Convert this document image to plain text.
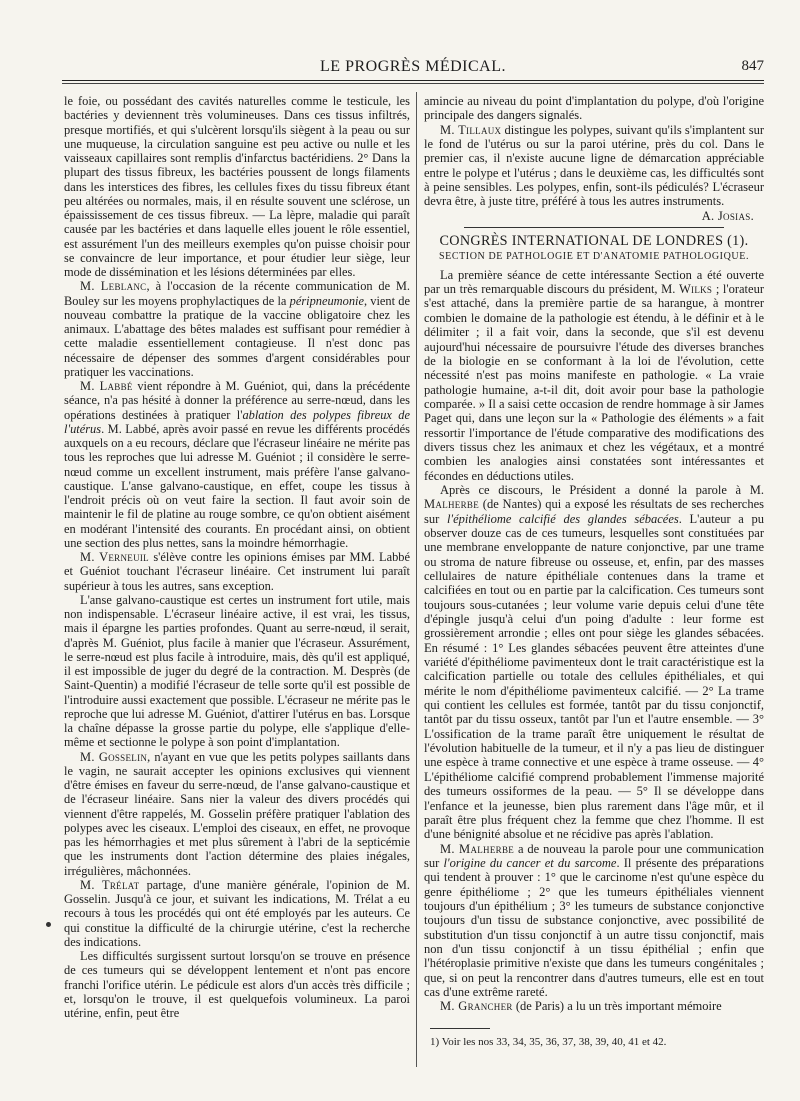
LE PROGRÈS MÉDICAL.	847

le foie, ou possédant des cavités naturelles comme le testicule, les bactéries y deviennent très volumineuses. Dans ces tissus infiltrés, presque mortifiés, et qui s'ulcèrent lorsqu'ils siègent à la peau ou sur une muqueuse, la circulation sanguine est peu active ou nulle et les vaisseaux capillaires sont remplis d'infarctus bactéridiens. 2° Dans la plupart des tissus fibreux, les bactéries poussent de longs filaments dans les interstices des fibres, les cellules fixes du tissu fibreux étant peu altérées ou normales, mais, il en résulte souvent une sclérose, un épaississement de ces tissus fibreux. — La lèpre, maladie qui paraît causée par les bactéries et dans laquelle elles jouent le rôle essentiel, est assurément l'un des meilleurs exemples qu'on puisse choisir pour se convaincre de leur importance, et pour étudier leur siège, leur mode de dissémination et les lésions déterminées par elles.

M. Leblanc, à l'occasion de la récente communication de M. Bouley sur les moyens prophylactiques de la péripneumonie, vient de nouveau combattre la pratique de la vaccine obligatoire chez les animaux. L'abattage des bêtes malades est suffisant pour remédier à cette maladie essentiellement contagieuse. Il n'est donc pas nécessaire de dépenser des sommes d'argent considérables pour pratiquer les vaccinations.

M. Labbé vient répondre à M. Guéniot, qui, dans la précédente séance, n'a pas hésité à donner la préférence au serre-nœud, dans les opérations destinées à pratiquer l'ablation des polypes fibreux de l'utérus. M. Labbé, après avoir passé en revue les différents procédés auxquels on a eu recours, déclare que l'écraseur linéaire ne mérite pas tous les reproches que lui adresse M. Guéniot ; il considère le serre-nœud comme un excellent instrument, mais préfère l'anse galvano-caustique. L'anse galvano-caustique, en effet, coupe les tissus à l'endroit précis où on veut faire la section. Il faut avoir soin de maintenir le fil de platine au rouge sombre, ce qu'on obtient aisément en modérant l'intensité des courants. En procédant ainsi, on obtient une section des plus nettes, sans la moindre hémorrhagie.

M. Verneuil s'élève contre les opinions émises par MM. Labbé et Guéniot touchant l'écraseur linéaire. Cet instrument lui paraît supérieur à tous les autres, sans exception.

L'anse galvano-caustique est certes un instrument fort utile, mais non indispensable. L'écraseur linéaire active, il est vrai, les tissus, mais il épargne les parties profondes. Quant au serre-nœud, il serait, d'après M. Guéniot, plus facile à manier que l'écraseur. Assurément, le serre-nœud est plus facile à introduire, mais, dès qu'il est appliqué, il est impossible de juger du degré de la contraction. M. Desprès (de Saint-Quentin) a modifié l'écraseur de telle sorte qu'il est possible de l'introduire aussi exactement que possible. L'écraseur ne mérite pas le reproche que lui adresse M. Guéniot, d'attirer l'utérus en bas. Lorsque la chaîne dépasse la grosse partie du polype, elle s'applique d'elle-même et sectionne le polype à son point d'implantation.

M. Gosselin, n'ayant en vue que les petits polypes saillants dans le vagin, ne saurait accepter les opinions exclusives qui viennent d'être émises en faveur du serre-nœud, de l'anse galvano-caustique et de l'écraseur linéaire. Sans nier la valeur des divers procédés qui viennent d'être rappelés, M. Gosselin préfère pratiquer l'ablation des polypes avec les ciseaux. L'emploi des ciseaux, en effet, ne provoque pas les hémorrhagies et met plus sûrement à l'abri de la septicémie que les instruments dont l'action détermine des plaies inégales, irrégulières, mâchonnées.

M. Trélat partage, d'une manière générale, l'opinion de M. Gosselin. Jusqu'à ce jour, et suivant les indications, M. Trélat a eu recours à tous les procédés qui ont été employés par les auteurs. Ce qui constitue la difficulté de la chirurgie utérine, c'est la recherche des indications.

Les difficultés surgissent surtout lorsqu'on se trouve en présence de ces tumeurs qui se développent lentement et n'ont pas encore franchi l'orifice utérin. Le pédicule est alors d'un accès très difficile ; et, lorsqu'on le trouve, il est quelquefois volumineux. La paroi utérine, enfin, peut être

amincie au niveau du point d'implantation du polype, d'où l'origine principale des dangers signalés.

M. Tillaux distingue les polypes, suivant qu'ils s'implantent sur le fond de l'utérus ou sur la paroi utérine, près du col. Dans le premier cas, il n'existe aucune ligne de démarcation appréciable entre le polype et l'utérus ; dans le deuxième cas, les difficultés sont à peine sensibles. Les polypes, enfin, sont-ils pédiculés? L'écraseur devra être, à juste titre, préféré à tous les autres instruments.

A. Josias.

CONGRÈS INTERNATIONAL DE LONDRES (1).

SECTION DE PATHOLOGIE ET D'ANATOMIE PATHOLOGIQUE.

La première séance de cette intéressante Section a été ouverte par un très remarquable discours du président, M. Wilks ; l'orateur s'est attaché, dans la première partie de sa harangue, à montrer combien le domaine de la pathologie est étendu, à le définir et à le délimiter ; il a fait voir, dans la seconde, que s'il est devenu aujourd'hui nécessaire de poursuivre l'étude des diverses branches de la biologie en se conformant à la loi de l'évolution, cette nécessité n'est pas moins manifeste en pathologie. « La vraie pathologie humaine, a-t-il dit, doit avoir pour base la pathologie comparée. » Il a saisi cette occasion de rendre hommage à sir James Paget qui, dans une leçon sur la « Pathologie des éléments » a fait ressortir l'importance de l'étude comparative des modifications des divers tissus chez les animaux et chez les végétaux, et a montré combien les analogies ainsi constatées sont intéressantes et fécondes en déductions utiles.

Après ce discours, le Président a donné la parole à M. Malherbe (de Nantes) qui a exposé les résultats de ses recherches sur l'épithéliome calcifié des glandes sébacées. L'auteur a pu observer douze cas de ces tumeurs, lesquelles sont constituées par une membrane enveloppante de nature conjonctive, par une trame ou stroma de nature fibreuse ou osseuse, et, enfin, par des masses cellulaires de nature épithéliale contenues dans la trame et calcifiées en tout ou en partie par la calcification. Ces tumeurs sont toujours sous-cutanées ; leur volume varie depuis celui d'une tête d'épingle jusqu'à celui d'un poing d'adulte : leur forme est grossièrement arrondie ; elles ont pour siège les glandes sébacées. En résumé : 1° Les glandes sébacées peuvent être atteintes d'une variété d'épithéliome pavimenteux dont le trait caractéristique est la calcification partielle ou totale des cellules épithéliales, et qui mérite le nom d'épithéliome pavimenteux calcifié. — 2° La trame qui contient les cellules est formée, tantôt par du tissu conjonctif, tantôt par du tissu osseux, tantôt par l'un et l'autre ensemble. — 3° L'ossification de la trame paraît être uniquement le résultat de l'évolution habituelle de la tumeur, et il n'y a pas lieu de distinguer une espèce à trame connective et une espèce à trame osseuse. — 4° L'épithéliome calcifié comprend probablement l'immense majorité des tumeurs ossiformes de la peau. — 5° Il se développe dans l'enfance et la jeunesse, bien plus rarement dans l'âge mûr, et il paraît être plus fréquent chez la femme que chez l'homme. Il est d'une bénignité absolue et ne récidive pas après l'ablation.

M. Malherbe a de nouveau la parole pour une communication sur l'origine du cancer et du sarcome. Il présente des préparations qui tendent à prouver : 1° que le carcinome n'est qu'une espèce du genre épithéliome ; 2° que les tumeurs épithéliales viennent toujours d'un épithélium ; 3° les tumeurs de substance conjonctive toujours d'un tissu de substance conjonctive, avec possibilité de substitution d'un tissu conjonctif à un autre tissu conjonctif, mais non d'un tissu conjonctif à un tissu épithélial ; enfin que l'hétéroplasie primitive n'existe que dans les tumeurs congénitales ; que, si on peut la rencontrer dans d'autres tumeurs, elle est en tout cas d'une extrême rareté.

M. Grancher (de Paris) a lu un très important mémoire

1) Voir les nos 33, 34, 35, 36, 37, 38, 39, 40, 41 et 42.
